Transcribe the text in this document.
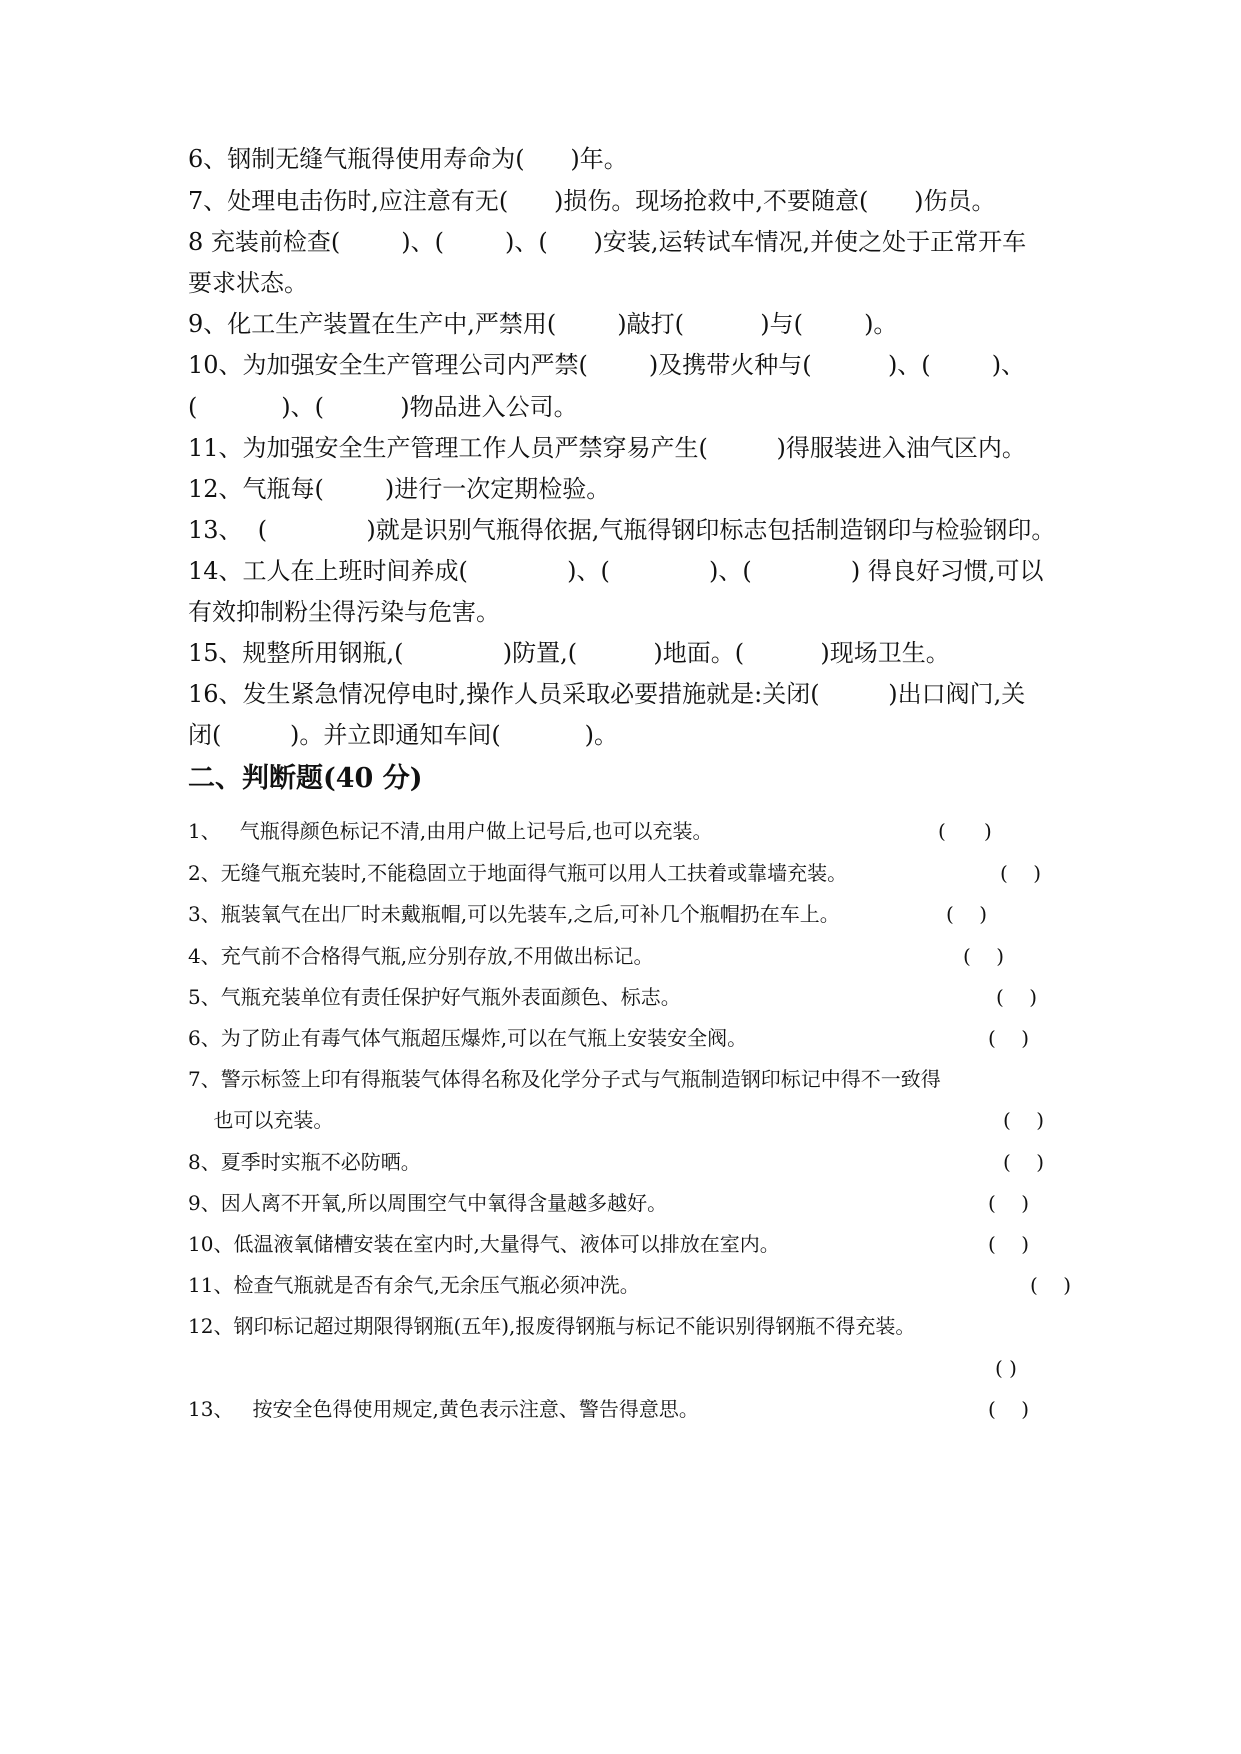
6、钢制无缝气瓶得使用寿命为(      )年。
7、处理电击伤时,应注意有无(      )损伤。现场抢救中,不要随意(      )伤员。
8 充装前检查(        )、(        )、(      )安装,运转试车情况,并使之处于正常开车
要求状态。
9、化工生产装置在生产中,严禁用(        )敲打(          )与(        )。
10、为加强安全生产管理公司内严禁(        )及携带火种与(          )、(        )、
(           )、(          )物品进入公司。
11、为加强安全生产管理工作人员严禁穿易产生(         )得服装进入油气区内。
12、气瓶每(        )进行一次定期检验。
13、  (             )就是识别气瓶得依据,气瓶得钢印标志包括制造钢印与检验钢印。
14、工人在上班时间养成(             )、(             )、(             ) 得良好习惯,可以
有效抑制粉尘得污染与危害。
15、规整所用钢瓶,(             )防置,(          )地面。(          )现场卫生。
16、发生紧急情况停电时,操作人员采取必要措施就是:关闭(         )出口阀门,关
闭(         )。并立即通知车间(           )。
二、判断题(40 分)
1、   气瓶得颜色标记不清,由用户做上记号后,也可以充装。	(      )
2、无缝气瓶充装时,不能稳固立于地面得气瓶可以用人工扶着或靠墙充装。	(    )
3、瓶装氧气在出厂时未戴瓶帽,可以先装车,之后,可补几个瓶帽扔在车上。	(    )
4、充气前不合格得气瓶,应分别存放,不用做出标记。	(    )
5、气瓶充装单位有责任保护好气瓶外表面颜色、标志。	(    )
6、为了防止有毒气体气瓶超压爆炸,可以在气瓶上安装安全阀。	(    )
7、警示标签上印有得瓶装气体得名称及化学分子式与气瓶制造钢印标记中得不一致得
也可以充装。	(    )
8、夏季时实瓶不必防晒。	(    )
9、因人离不开氧,所以周围空气中氧得含量越多越好。	(    )
10、低温液氧储槽安装在室内时,大量得气、液体可以排放在室内。	(    )
11、检查气瓶就是否有余气,无余压气瓶必须冲洗。	(    )
12、钢印标记超过期限得钢瓶(五年),报废得钢瓶与标记不能识别得钢瓶不得充装。
( )
13、   按安全色得使用规定,黄色表示注意、警告得意思。	(    )
